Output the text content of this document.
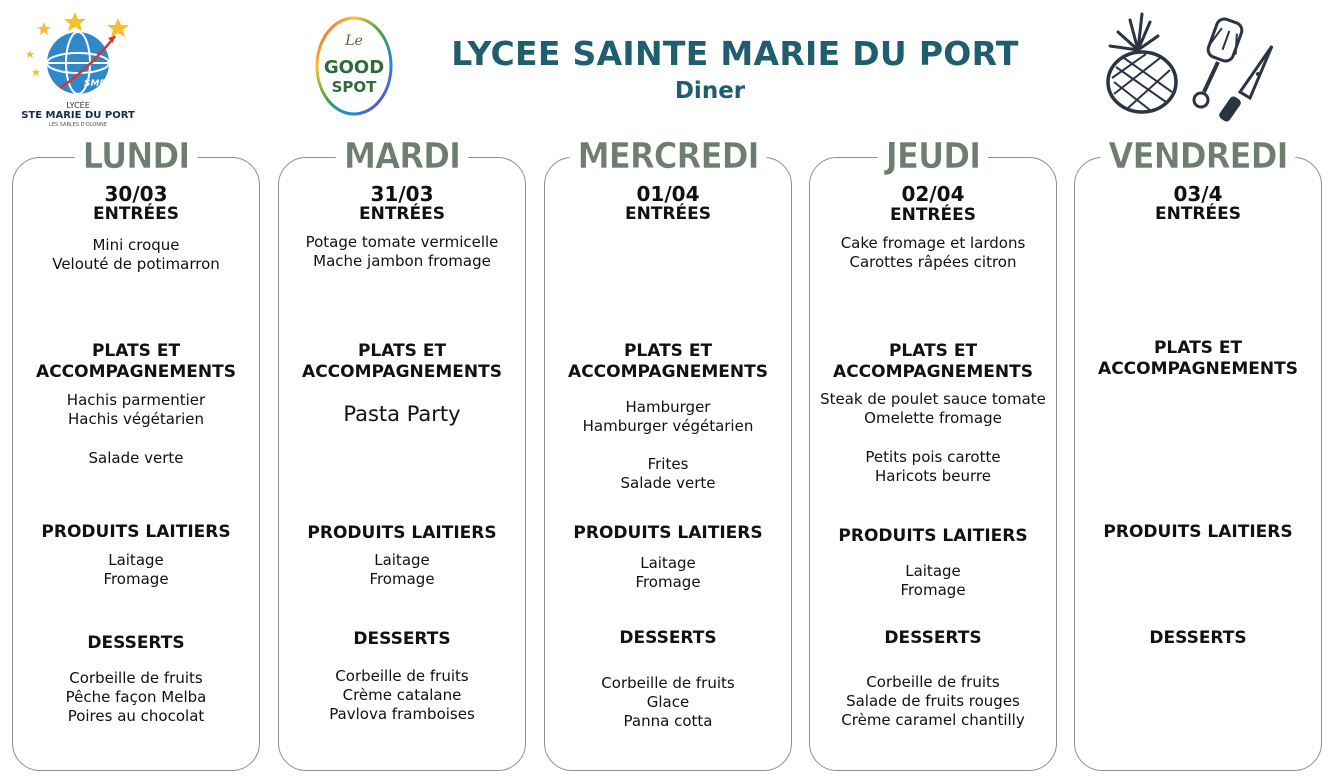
LYCEE SAINTE MARIE DU PORT
Diner
SMP
LYCÉE
STE MARIE DU PORT
LES SABLES D'OLONNE
Le
GOOD
SPOT
LUNDI
30/03
ENTRÉES
Mini croque
Velouté de potimarron
PLATS ET
ACCOMPAGNEMENTS
Hachis parmentier
Hachis végétarien
Salade verte
PRODUITS LAITIERS
Laitage
Fromage
DESSERTS
Corbeille de fruits
Pêche façon Melba
Poires au chocolat
MARDI
31/03
ENTRÉES
Potage tomate vermicelle
Mache jambon fromage
PLATS ET
ACCOMPAGNEMENTS
Pasta Party
PRODUITS LAITIERS
Laitage
Fromage
DESSERTS
Corbeille de fruits
Crème catalane
Pavlova framboises
MERCREDI
01/04
ENTRÉES
PLATS ET
ACCOMPAGNEMENTS
Hamburger
Hamburger végétarien
Frites
Salade verte
PRODUITS LAITIERS
Laitage
Fromage
DESSERTS
Corbeille de fruits
Glace
Panna cotta
JEUDI
02/04
ENTRÉES
Cake fromage et lardons
Carottes râpées citron
PLATS ET
ACCOMPAGNEMENTS
Steak de poulet sauce tomate
Omelette fromage
Petits pois carotte
Haricots beurre
PRODUITS LAITIERS
Laitage
Fromage
DESSERTS
Corbeille de fruits
Salade de fruits rouges
Crème caramel chantilly
VENDREDI
03/4
ENTRÉES
PLATS ET
ACCOMPAGNEMENTS
PRODUITS LAITIERS
DESSERTS
